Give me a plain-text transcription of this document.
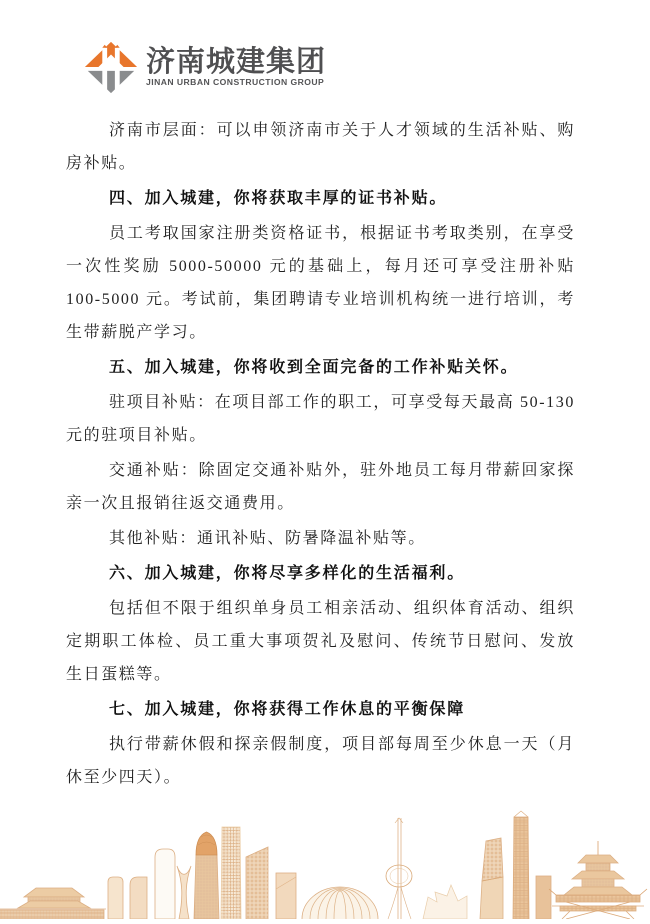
济南城建集团
JINAN URBAN CONSTRUCTION GROUP

济南市层面：可以申领济南市关于人才领域的生活补贴、购房补贴。

四、加入城建，你将获取丰厚的证书补贴。

员工考取国家注册类资格证书，根据证书考取类别，在享受一次性奖励 5000-50000 元的基础上，每月还可享受注册补贴 100-5000 元。考试前，集团聘请专业培训机构统一进行培训，考生带薪脱产学习。

五、加入城建，你将收到全面完备的工作补贴关怀。

驻项目补贴：在项目部工作的职工，可享受每天最高 50-130 元的驻项目补贴。

交通补贴：除固定交通补贴外，驻外地员工每月带薪回家探亲一次且报销往返交通费用。

其他补贴：通讯补贴、防暑降温补贴等。

六、加入城建，你将尽享多样化的生活福利。

包括但不限于组织单身员工相亲活动、组织体育活动、组织定期职工体检、员工重大事项贺礼及慰问、传统节日慰问、发放生日蛋糕等。

七、加入城建，你将获得工作休息的平衡保障

执行带薪休假和探亲假制度，项目部每周至少休息一天（月休至少四天）。
